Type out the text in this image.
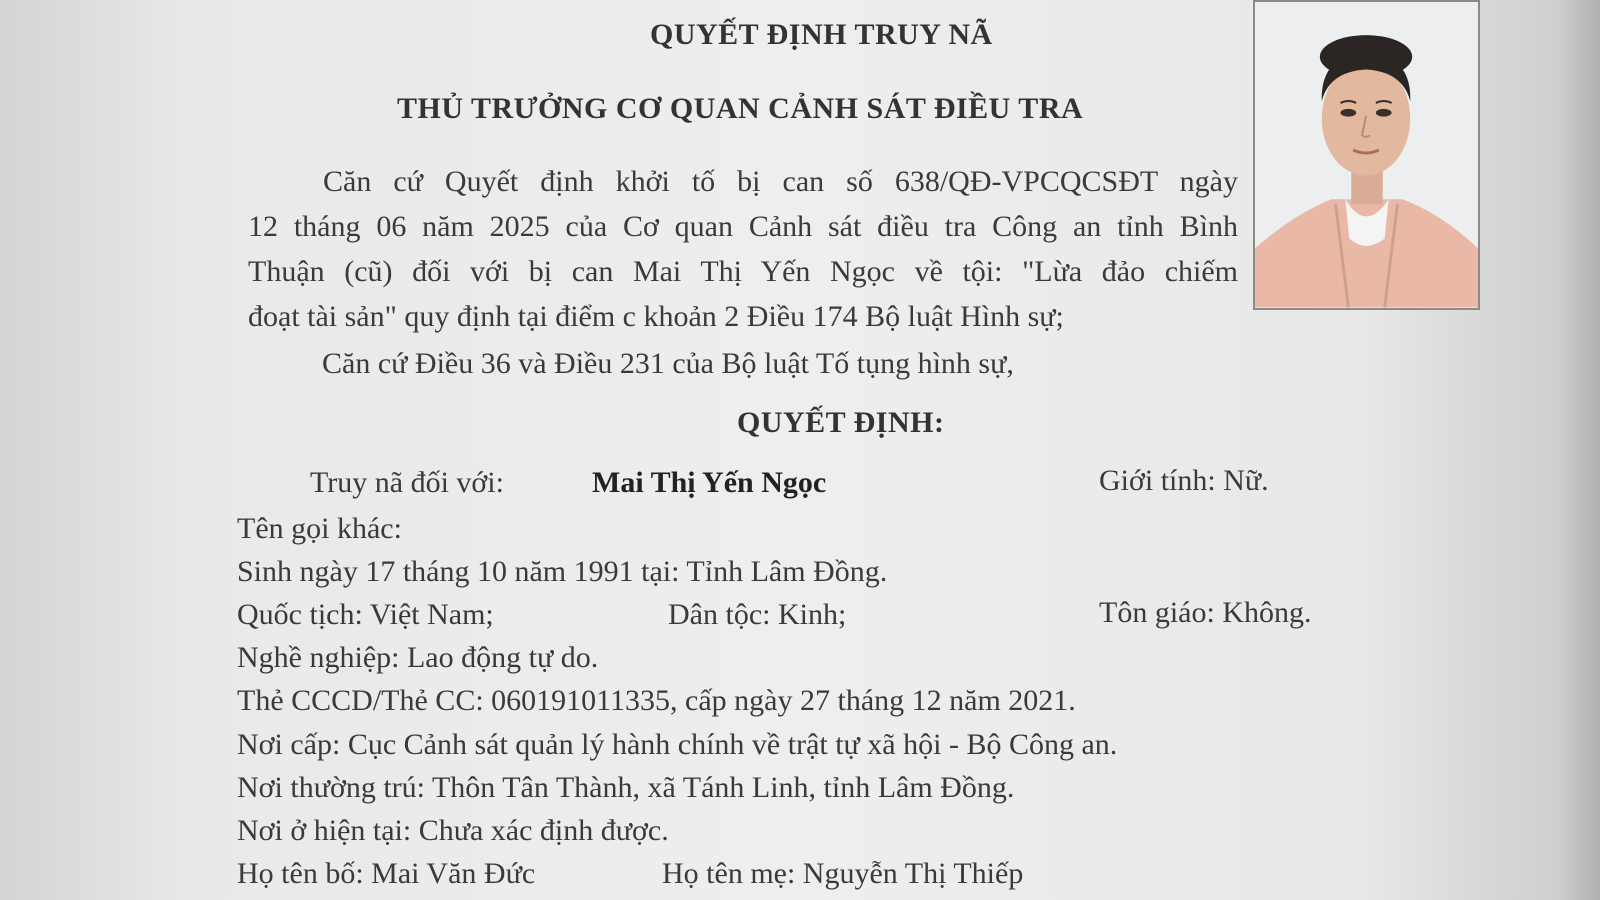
QUYẾT ĐỊNH TRUY NÃ
THỦ TRƯỞNG CƠ QUAN CẢNH SÁT ĐIỀU TRA
Căn cứ Quyết định khởi tố bị can số 638/QĐ-VPCQCSĐT ngày
12 tháng 06 năm 2025 của Cơ quan Cảnh sát điều tra Công an tỉnh Bình
Thuận (cũ) đối với bị can Mai Thị Yến Ngọc về tội: "Lừa đảo chiếm
đoạt tài sản" quy định tại điểm c khoản 2 Điều 174 Bộ luật Hình sự;
Căn cứ Điều 36 và Điều 231 của Bộ luật Tố tụng hình sự,
QUYẾT ĐỊNH:
Truy nã đối với:	Mai Thị Yến Ngọc	Giới tính: Nữ.
Tên gọi khác:
Sinh ngày 17 tháng 10 năm 1991 tại: Tỉnh Lâm Đồng.
Quốc tịch: Việt Nam;	Dân tộc: Kinh;	Tôn giáo: Không.
Nghề nghiệp: Lao động tự do.
Thẻ CCCD/Thẻ CC: 060191011335, cấp ngày 27 tháng 12 năm 2021.
Nơi cấp: Cục Cảnh sát quản lý hành chính về trật tự xã hội - Bộ Công an.
Nơi thường trú: Thôn Tân Thành, xã Tánh Linh, tỉnh Lâm Đồng.
Nơi ở hiện tại: Chưa xác định được.
Họ tên bố: Mai Văn Đức	Họ tên mẹ: Nguyễn Thị Thiếp
